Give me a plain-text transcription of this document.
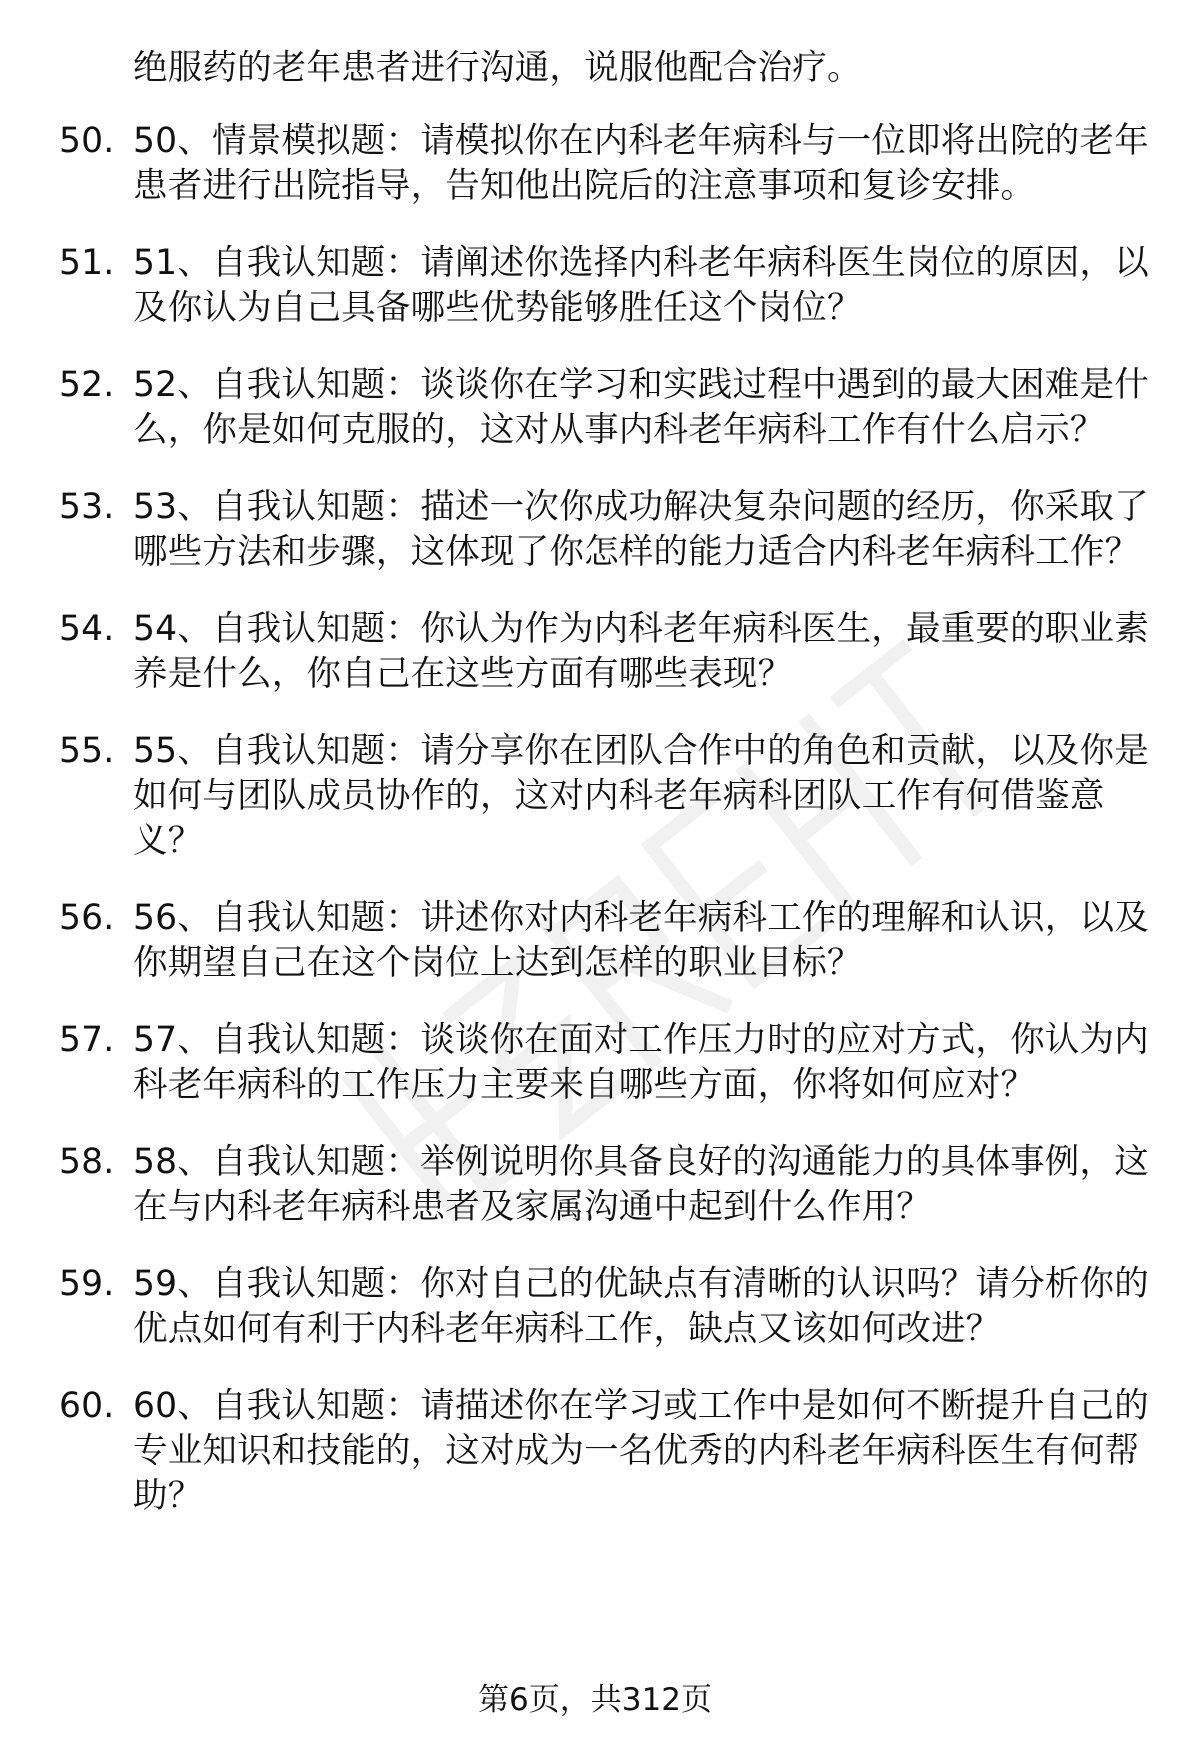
绝服药的老年患者进行沟通，说服他配合治疗。
50. 50、情景模拟题：请模拟你在内科老年病科与一位即将出院的老年患者进行出院指导，告知他出院后的注意事项和复诊安排。
51. 51、自我认知题：请阐述你选择内科老年病科医生岗位的原因，以及你认为自己具备哪些优势能够胜任这个岗位？
52. 52、自我认知题：谈谈你在学习和实践过程中遇到的最大困难是什么，你是如何克服的，这对从事内科老年病科工作有什么启示？
53. 53、自我认知题：描述一次你成功解决复杂问题的经历，你采取了哪些方法和步骤，这体现了你怎样的能力适合内科老年病科工作？
54. 54、自我认知题：你认为作为内科老年病科医生，最重要的职业素养是什么，你自己在这些方面有哪些表现？
55. 55、自我认知题：请分享你在团队合作中的角色和贡献，以及你是如何与团队成员协作的，这对内科老年病科团队工作有何借鉴意义？
56. 56、自我认知题：讲述你对内科老年病科工作的理解和认识，以及你期望自己在这个岗位上达到怎样的职业目标？
57. 57、自我认知题：谈谈你在面对工作压力时的应对方式，你认为内科老年病科的工作压力主要来自哪些方面，你将如何应对？
58. 58、自我认知题：举例说明你具备良好的沟通能力的具体事例，这在与内科老年病科患者及家属沟通中起到什么作用？
59. 59、自我认知题：你对自己的优缺点有清晰的认识吗？请分析你的优点如何有利于内科老年病科工作，缺点又该如何改进？
60. 60、自我认知题：请描述你在学习或工作中是如何不断提升自己的专业知识和技能的，这对成为一名优秀的内科老年病科医生有何帮助？
第6页，共312页
